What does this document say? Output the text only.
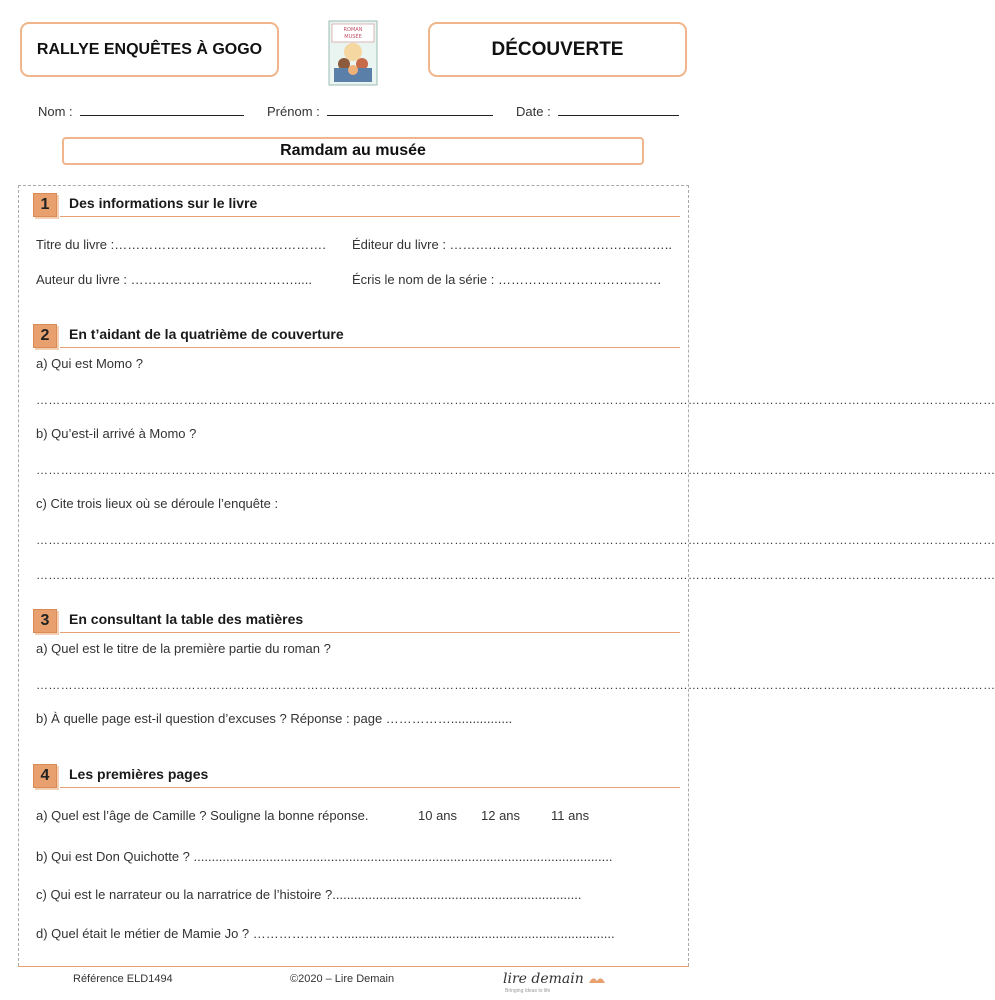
RALLYE ENQUÊTES À GOGO
ROMAN
MUSÉE
DÉCOUVERTE
Nom :	Prénom :	Date :
Ramdam au musée
1	Des informations sur le livre
Titre du livre :…………………………………………. Éditeur du livre : ……….…………………………….……..
Auteur du livre : ………………………..……….....	Écris le nom de la série : ………………………….…….
2	En t’aidant de la quatrième de couverture
a) Qui est Momo ?
………………………………………………………………………………………………………………………………………………………………………………………………………………
b) Qu’est-il arrivé à Momo ?
………………………………………………………………………………………………………………………………………………………………………………………………………………
c) Cite trois lieux où se déroule l’enquête :
………………………………………………………………………………………………………………………………………………………………………………………………………………
………………………………………………………………………………………………………………………………………………………………………………………………………………
3	En consultant la table des matières
a) Quel est le titre de la première partie du roman ?
………………………………………………………………………………………………………………………………………………………………………………………………………………
b) À quelle page est-il question d’excuses ? Réponse : page …………….................
4	Les premières pages
a) Quel est l’âge de Camille ? Souligne la bonne réponse.	10 ans 12 ans 11 ans
b) Qui est Don Quichotte ? ....................................................................................................................
c) Qui est le narrateur ou la narratrice de l’histoire ?.....................................................................
d) Quel était le métier de Mamie Jo ? …………………...........................................................................
Référence ELD1494	©2020 – Lire Demain	lire demain
Bringing Ideas to life
